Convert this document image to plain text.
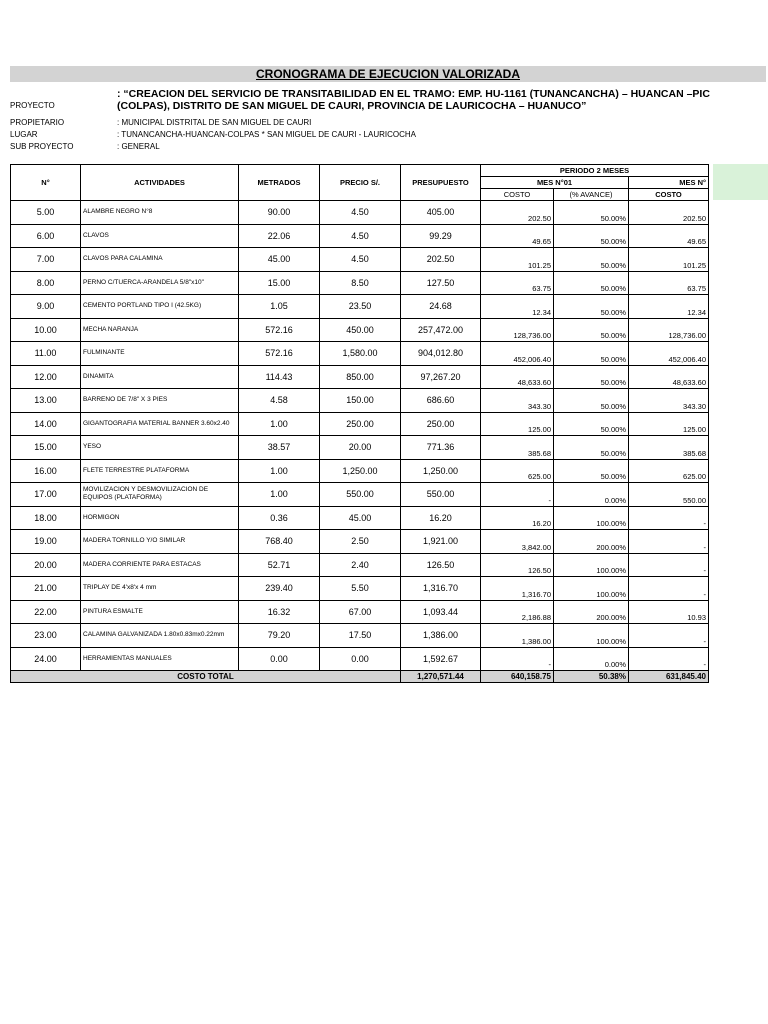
CRONOGRAMA DE EJECUCION VALORIZADA
PROYECTO
: “CREACION DEL SERVICIO DE TRANSITABILIDAD EN EL TRAMO: EMP. HU-1161 (TUNANCANCHA) – HUANCAN –PIC
(COLPAS), DISTRITO DE SAN MIGUEL DE CAURI, PROVINCIA DE LAURICOCHA – HUANUCO”
PROPIETARIO	: MUNICIPAL DISTRITAL DE SAN MIGUEL DE CAURI
LUGAR	: TUNANCANCHA-HUANCAN-COLPAS * SAN MIGUEL DE CAURI - LAURICOCHA
SUB PROYECTO	: GENERAL
N°	ACTIVIDADES	METRADOS	PRECIO S/.	PRESUPUESTO	PERIODO 2 MESES		
					MES N°01		MES N°
					COSTO	(% AVANCE)	COSTO
5.00	ALAMBRE NEGRO N°8	90.00	4.50	405.00	202.50	50.00%	202.50
6.00	CLAVOS	22.06	4.50	99.29	49.65	50.00%	49.65
7.00	CLAVOS PARA CALAMINA	45.00	4.50	202.50	101.25	50.00%	101.25
8.00	PERNO C/TUERCA-ARANDELA 5/8"x10"	15.00	8.50	127.50	63.75	50.00%	63.75
9.00	CEMENTO PORTLAND TIPO I (42.5KG)	1.05	23.50	24.68	12.34	50.00%	12.34
10.00	MECHA NARANJA	572.16	450.00	257,472.00	128,736.00	50.00%	128,736.00
11.00	FULMINANTE	572.16	1,580.00	904,012.80	452,006.40	50.00%	452,006.40
12.00	DINAMITA	114.43	850.00	97,267.20	48,633.60	50.00%	48,633.60
13.00	BARRENO DE 7/8" X 3 PIES	4.58	150.00	686.60	343.30	50.00%	343.30
14.00	GIGANTOGRAFIA MATERIAL BANNER 3.60x2.40	1.00	250.00	250.00	125.00	50.00%	125.00
15.00	YESO	38.57	20.00	771.36	385.68	50.00%	385.68
16.00	FLETE TERRESTRE PLATAFORMA	1.00	1,250.00	1,250.00	625.00	50.00%	625.00
17.00	MOVILIZACION Y DESMOVILIZACION DE EQUIPOS (PLATAFORMA)	1.00	550.00	550.00	-	0.00%	550.00
18.00	HORMIGON	0.36	45.00	16.20	16.20	100.00%	-
19.00	MADERA TORNILLO Y/O SIMILAR	768.40	2.50	1,921.00	3,842.00	200.00%	-
20.00	MADERA CORRIENTE PARA ESTACAS	52.71	2.40	126.50	126.50	100.00%	-
21.00	TRIPLAY DE 4'x8'x 4 mm	239.40	5.50	1,316.70	1,316.70	100.00%	-
22.00	PINTURA ESMALTE	16.32	67.00	1,093.44	2,186.88	200.00%	10.93
23.00	CALAMINA GALVANIZADA 1.80x0.83mx0.22mm	79.20	17.50	1,386.00	1,386.00	100.00%	-
24.00	HERRAMIENTAS MANUALES	0.00	0.00	1,592.67	-	0.00%	-
COSTO TOTAL				1,270,571.44	640,158.75	50.38%	631,845.40
